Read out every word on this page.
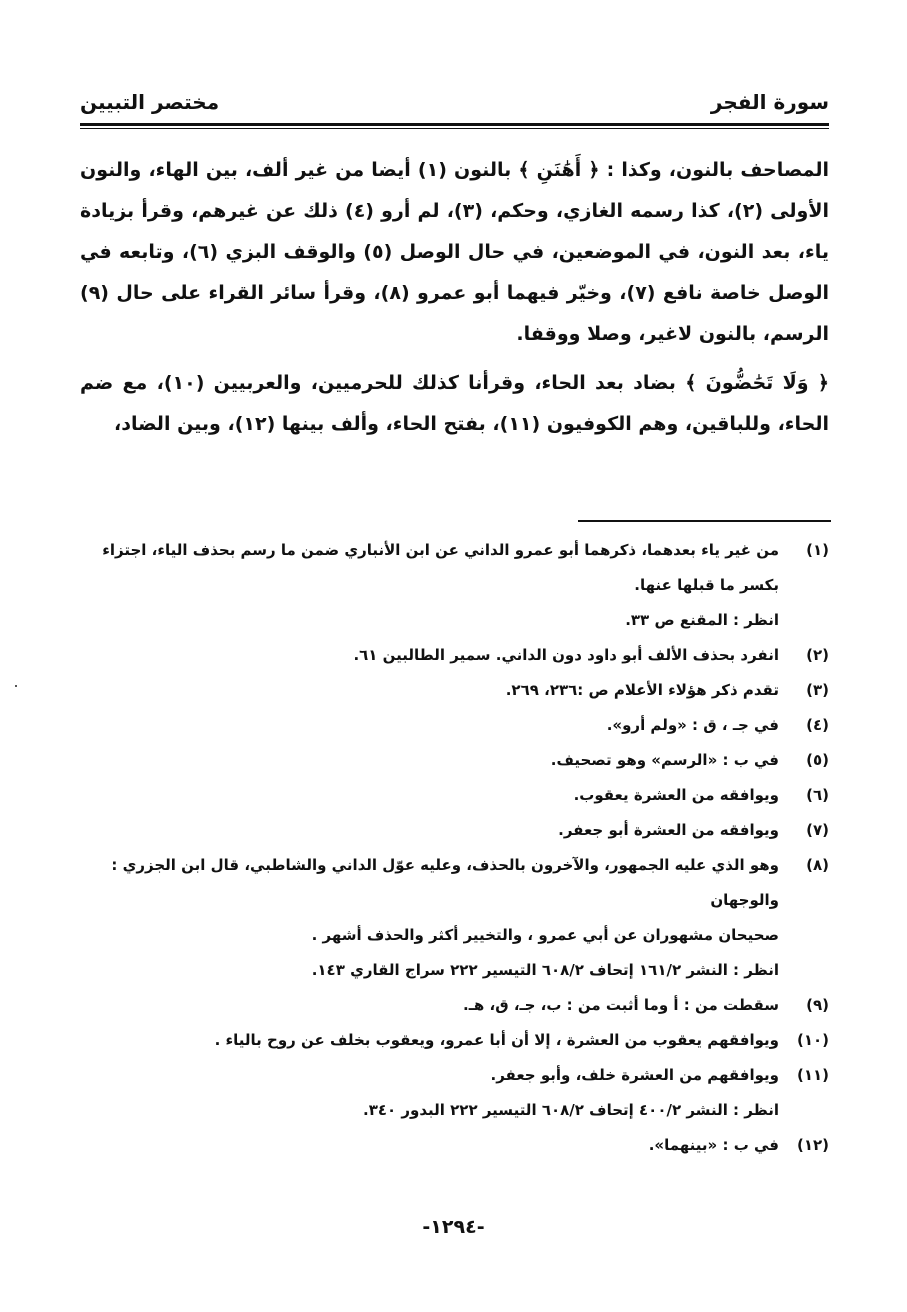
سورة الفجر
مختصر التبيين

المصاحف بالنون، وكذا : ﴿ أَهَٰنَنِ ﴾ بالنون (١) أيضا من غير ألف، بين الهاء، والنون الأولى (٢)، كذا رسمه الغازي، وحكم، (٣)، لم أرو (٤) ذلك عن غيرهم، وقرأ بزيادة ياء، بعد النون، في الموضعين، في حال الوصل (٥) والوقف البزي (٦)، وتابعه في الوصل خاصة نافع (٧)، وخيّر فيهما أبو عمرو (٨)، وقرأ سائر القراء على حال (٩) الرسم، بالنون لاغير، وصلا ووقفا.

﴿ وَلَا تَحَٰضُّونَ ﴾ بضاد بعد الحاء، وقرأنا كذلك للحرميين، والعربيين (١٠)، مع ضم الحاء، وللباقين، وهم الكوفيون (١١)، بفتح الحاء، وألف بينها (١٢)، وبين الضاد،

(١)
من غير ياء بعدهما، ذكرهما أبو عمرو الداني عن ابن الأنباري ضمن ما رسم بحذف الياء، اجتزاء
بكسر ما قبلها عنها.
انظر : المقنع ص ٣٣.
(٢)
انفرد بحذف الألف أبو داود دون الداني. سمير الطالبين ٦١.
(٣)
تقدم ذكر هؤلاء الأعلام ص :٢٣٦، ٢٦٩.
(٤)
في جـ ، ق : «ولم أرو».
(٥)
في ب : «الرسم» وهو تصحيف.
(٦)
ويوافقه من العشرة يعقوب.
(٧)
ويوافقه من العشرة أبو جعفر.
(٨)
وهو الذي عليه الجمهور، والآخرون بالحذف، وعليه عوّل الداني والشاطبي، قال ابن الجزري : والوجهان
صحيحان مشهوران عن أبي عمرو ، والتخيير أكثر والحذف أشهر .
انظر : النشر ١٦١/٢ إتحاف ٦٠٨/٢ التيسير ٢٢٢ سراج القاري ١٤٣.
(٩)
سقطت من : أ وما أثبت من : ب، جـ، ق، هـ.
(١٠)
ويوافقهم يعقوب من العشرة ، إلا أن أبا عمرو، ويعقوب بخلف عن روح بالياء .
(١١)
ويوافقهم من العشرة خلف، وأبو جعفر.
انظر : النشر ٤٠٠/٢ إتحاف ٦٠٨/٢ التيسير ٢٢٢ البدور ٣٤٠.
(١٢)
في ب : «بينهما».
-١٢٩٤-
